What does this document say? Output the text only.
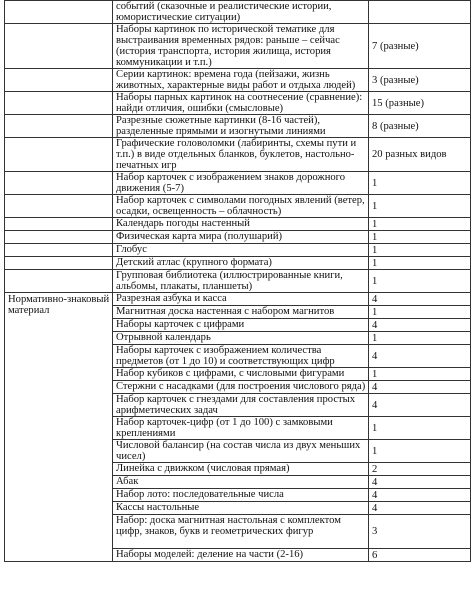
	событий (сказочные и реалистические истории, юмористические ситуации)	
	Наборы картинок по исторической тематике для выстраивания временных рядов: раньше – сейчас (история транспорта, история жилища, история коммуникации и т.п.)	7 (разные)
	Серии картинок: времена года (пейзажи, жизнь животных, характерные виды работ и отдыха людей)	3 (разные)
	Наборы парных картинок на соотнесение (сравнение): найди отличия, ошибки (смысловые)	15 (разные)
	Разрезные сюжетные картинки (8-16 частей), разделенные прямыми и изогнутыми линиями	8 (разные)
	Графические головоломки (лабиринты, схемы пути и т.п.) в виде отдельных бланков, буклетов, настольно-печатных игр	20 разных видов
	Набор карточек с изображением знаков дорожного движения (5-7)	1
	Набор карточек с символами погодных явлений (ветер, осадки, освещенность – облачность)	1
	Календарь погоды настенный	1
	Физическая карта мира (полушарий)	1
	Глобус	1
	Детский атлас (крупного формата)	1
	Групповая библиотека (иллюстрированные книги, альбомы, плакаты, планшеты)	1
Нормативно-знаковый материал	Разрезная азбука и касса	4
	Магнитная доска настенная с набором магнитов	1
	Наборы карточек с цифрами	4
	Отрывной календарь	1
	Наборы карточек с изображением количества предметов (от 1 до 10) и соответствующих цифр	4
	Набор кубиков с цифрами, с числовыми фигурами	1
	Стержни с насадками (для построения числового ряда)	4
	Набор карточек с гнездами для составления простых арифметических задач	4
	Набор карточек-цифр (от 1 до 100) с замковыми креплениями	1
	Числовой балансир (на состав числа из двух меньших чисел)	1
	Линейка с движком (числовая прямая)	2
	Абак	4
	Набор лото: последовательные числа	4
	Кассы настольные	4
	Набор: доска магнитная настольная с комплектом цифр, знаков, букв и геометрических фигур	3
	Наборы моделей: деление на части (2-16)	6
